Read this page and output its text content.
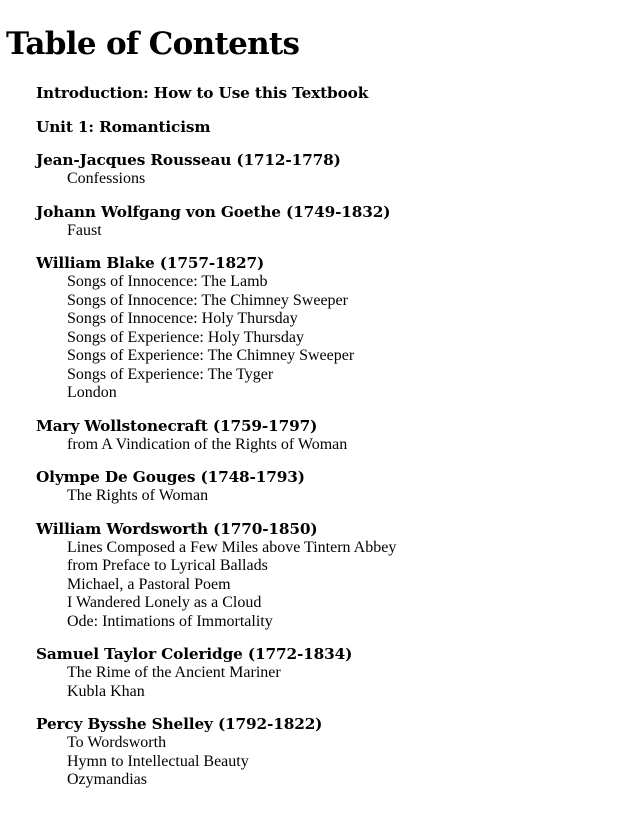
Table of Contents
Introduction: How to Use this Textbook
Unit 1: Romanticism
Jean-Jacques Rousseau (1712-1778)
Confessions
Johann Wolfgang von Goethe (1749-1832)
Faust
William Blake (1757-1827)
Songs of Innocence: The Lamb
Songs of Innocence: The Chimney Sweeper
Songs of Innocence: Holy Thursday
Songs of Experience: Holy Thursday
Songs of Experience: The Chimney Sweeper
Songs of Experience: The Tyger
London
Mary Wollstonecraft (1759-1797)
from A Vindication of the Rights of Woman
Olympe De Gouges (1748-1793)
The Rights of Woman
William Wordsworth (1770-1850)
Lines Composed a Few Miles above Tintern Abbey
from Preface to Lyrical Ballads
Michael, a Pastoral Poem
I Wandered Lonely as a Cloud
Ode: Intimations of Immortality
Samuel Taylor Coleridge (1772-1834)
The Rime of the Ancient Mariner
Kubla Khan
Percy Bysshe Shelley (1792-1822)
To Wordsworth
Hymn to Intellectual Beauty
Ozymandias
